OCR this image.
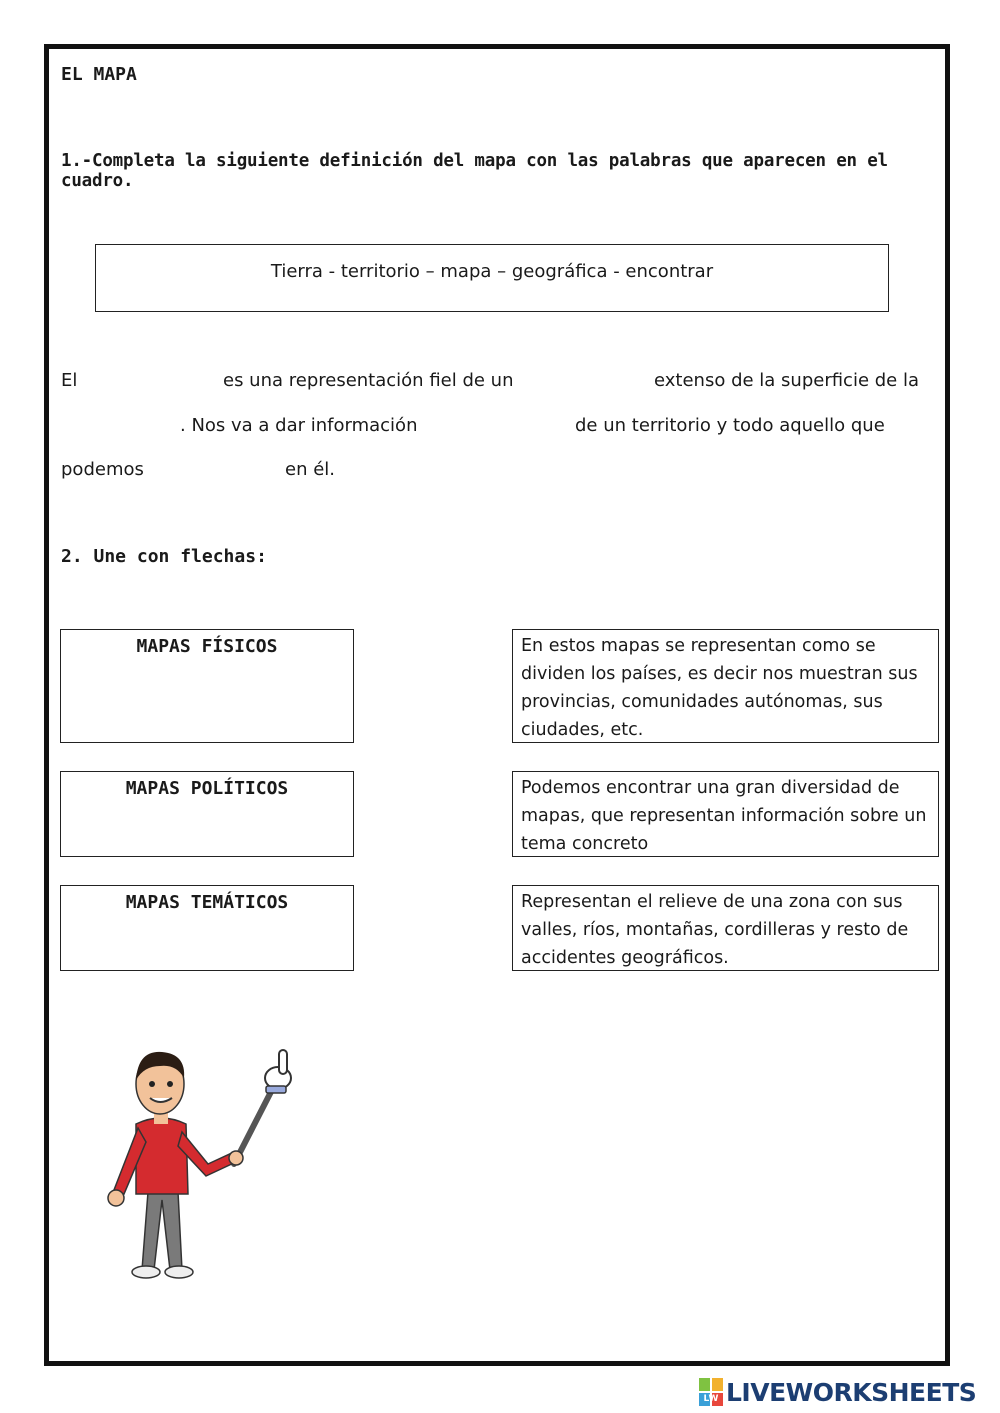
EL MAPA
1.-Completa la siguiente definición del mapa con las palabras que aparecen en el cuadro.
Tierra - territorio – mapa – geográfica - encontrar
El	es una representación fiel de un	extenso de la superficie de la
. Nos va a dar información	de un territorio y todo aquello que
podemos	en él.
2. Une con flechas:
MAPAS FÍSICOS
MAPAS POLÍTICOS
MAPAS TEMÁTICOS
En estos mapas se representan como se dividen los países, es decir nos muestran sus provincias, comunidades autónomas, sus ciudades, etc.
Podemos encontrar una gran diversidad de mapas, que representan información sobre un tema concreto
Representan el relieve de una zona con sus valles, ríos, montañas, cordilleras y resto de accidentes geográficos.
LW LIVEWORKSHEETS
